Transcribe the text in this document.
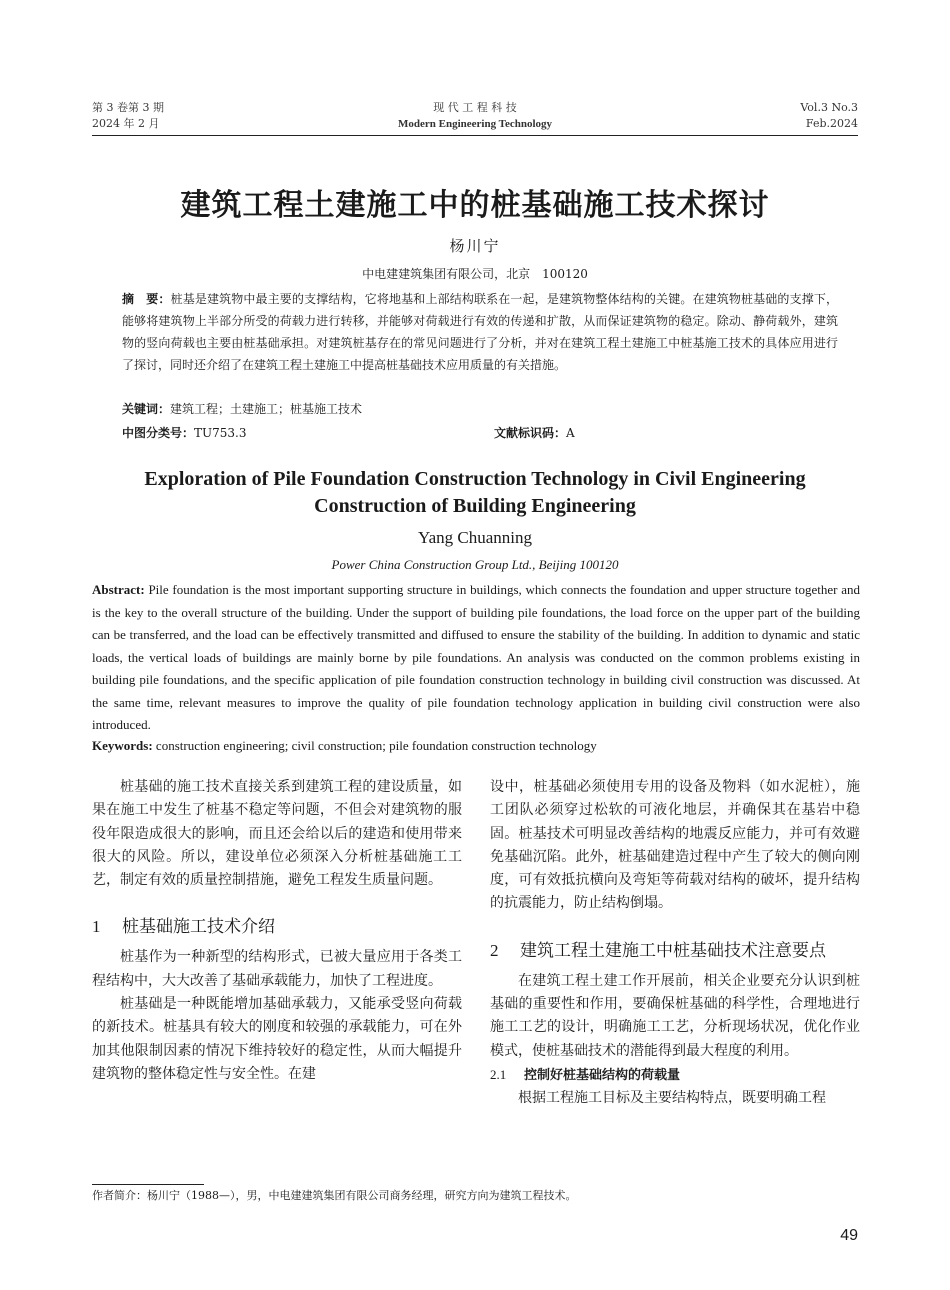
第 3 卷第 3 期
2024 年 2 月
现 代 工 程 科 技
Modern Engineering Technology
Vol.3 No.3
Feb.2024
建筑工程土建施工中的桩基础施工技术探讨
杨川宁
中电建建筑集团有限公司，北京　100120
摘　要：桩基是建筑物中最主要的支撑结构，它将地基和上部结构联系在一起，是建筑物整体结构的关键。在建筑物桩基础的支撑下，能够将建筑物上半部分所受的荷载力进行转移，并能够对荷载进行有效的传递和扩散，从而保证建筑物的稳定。除动、静荷载外，建筑物的竖向荷载也主要由桩基础承担。对建筑桩基存在的常见问题进行了分析，并对在建筑工程土建施工中桩基施工技术的具体应用进行了探讨，同时还介绍了在建筑工程土建施工中提高桩基础技术应用质量的有关措施。
关键词：建筑工程；土建施工；桩基施工技术
中图分类号：TU753.3	文献标识码：A
Exploration of Pile Foundation Construction Technology in Civil Engineering
Construction of Building Engineering
Yang Chuanning
Power China Construction Group Ltd., Beijing 100120
Abstract: Pile foundation is the most important supporting structure in buildings, which connects the foundation and upper structure together and is the key to the overall structure of the building. Under the support of building pile foundations, the load force on the upper part of the building can be transferred, and the load can be effectively transmitted and diffused to ensure the stability of the building. In addition to dynamic and static loads, the vertical loads of buildings are mainly borne by pile foundations. An analysis was conducted on the common problems existing in building pile foundations, and the specific application of pile foundation construction technology in building civil construction was discussed. At the same time, relevant measures to improve the quality of pile foundation technology application in building civil construction were also introduced.
Keywords: construction engineering; civil construction; pile foundation construction technology

桩基础的施工技术直接关系到建筑工程的建设质量，如果在施工中发生了桩基不稳定等问题，不但会对建筑物的服役年限造成很大的影响，而且还会给以后的建造和使用带来很大的风险。所以，建设单位必须深入分析桩基础施工工艺，制定有效的质量控制措施，避免工程发生质量问题。

1 桩基础施工技术介绍

桩基作为一种新型的结构形式，已被大量应用于各类工程结构中，大大改善了基础承载能力，加快了工程进度。

桩基础是一种既能增加基础承载力，又能承受竖向荷载的新技术。桩基具有较大的刚度和较强的承载能力，可在外加其他限制因素的情况下维持较好的稳定性，从而大幅提升建筑物的整体稳定性与安全性。在建

设中，桩基础必须使用专用的设备及物料（如水泥桩），施工团队必须穿过松软的可液化地层，并确保其在基岩中稳固。桩基技术可明显改善结构的地震反应能力，并可有效避免基础沉陷。此外，桩基础建造过程中产生了较大的侧向刚度，可有效抵抗横向及弯矩等荷载对结构的破坏，提升结构的抗震能力，防止结构倒塌。

2 建筑工程土建施工中桩基础技术注意要点

在建筑工程土建工作开展前，相关企业要充分认识到桩基础的重要性和作用，要确保桩基础的科学性，合理地进行施工工艺的设计，明确施工工艺，分析现场状况，优化作业模式，使桩基础技术的潜能得到最大程度的利用。

2.1 控制好桩基础结构的荷载量

根据工程施工目标及主要结构特点，既要明确工程

作者简介：杨川宁（1988—），男，中电建建筑集团有限公司商务经理，研究方向为建筑工程技术。
49
